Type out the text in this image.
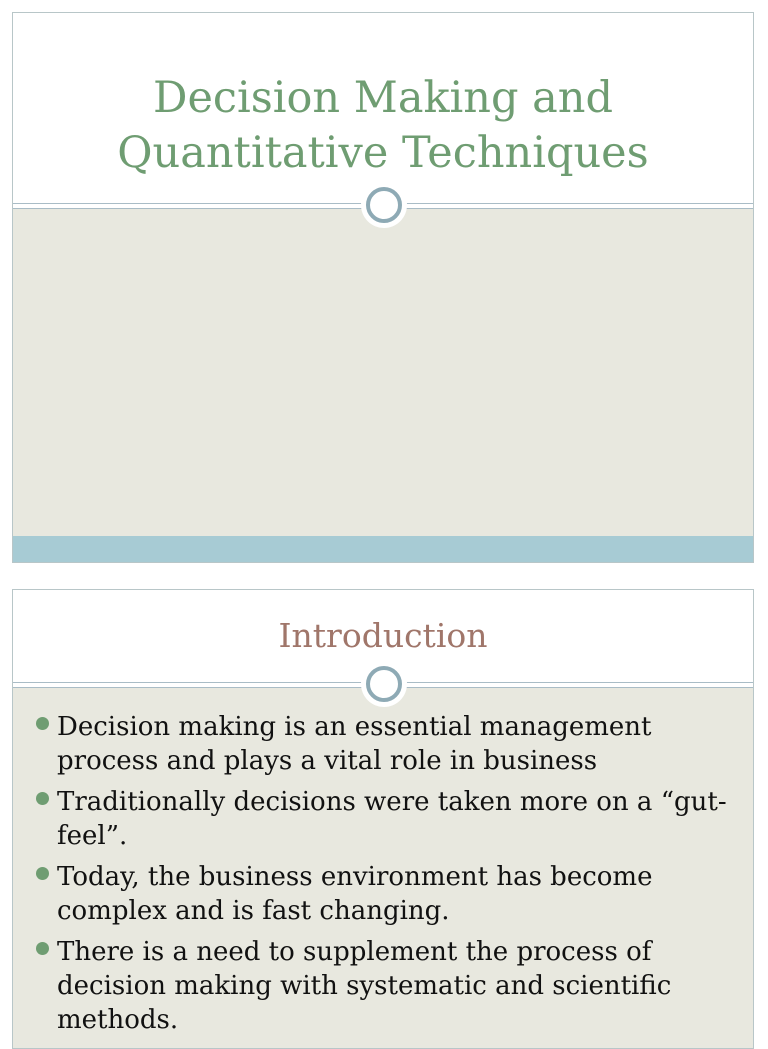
Decision Making and
Quantitative Techniques
Introduction
Decision making is an essential management process and plays a vital role in business
Traditionally decisions were taken more on a “gut-feel”.
Today, the business environment has become complex and is fast changing.
There is a need to supplement the process of decision making with systematic and scientific methods.
